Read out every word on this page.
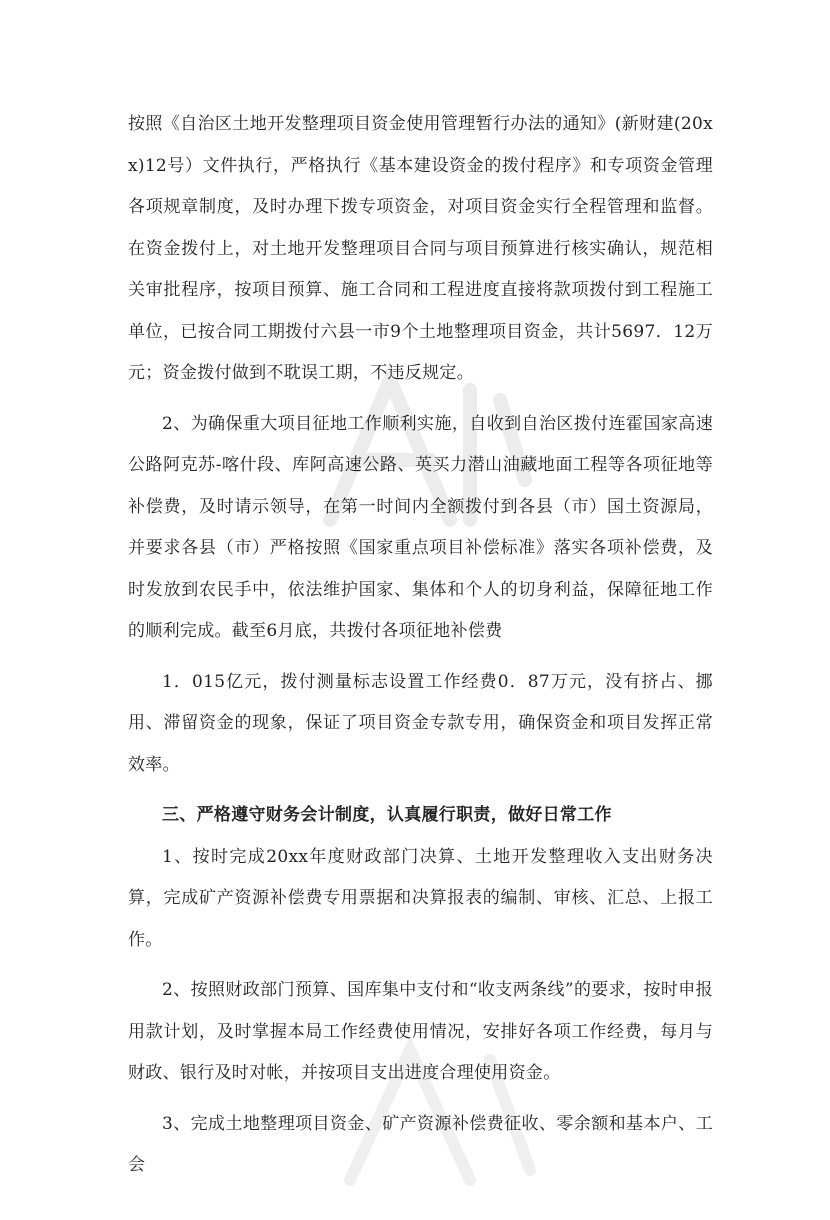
按照《自治区土地开发整理项目资金使用管理暂行办法的通知》(新财建(20xx)12号）文件执行，严格执行《基本建设资金的拨付程序》和专项资金管理各项规章制度，及时办理下拨专项资金，对项目资金实行全程管理和监督。在资金拨付上，对土地开发整理项目合同与项目预算进行核实确认，规范相关审批程序，按项目预算、施工合同和工程进度直接将款项拨付到工程施工单位，已按合同工期拨付六县一市9个土地整理项目资金，共计5697．12万元；资金拨付做到不耽误工期，不违反规定。

2、为确保重大项目征地工作顺利实施，自收到自治区拨付连霍国家高速公路阿克苏-喀什段、库阿高速公路、英买力潜山油藏地面工程等各项征地等补偿费，及时请示领导，在第一时间内全额拨付到各县（市）国土资源局，并要求各县（市）严格按照《国家重点项目补偿标准》落实各项补偿费，及时发放到农民手中，依法维护国家、集体和个人的切身利益，保障征地工作的顺利完成。截至6月底，共拨付各项征地补偿费

1．015亿元，拨付测量标志设置工作经费0．87万元，没有挤占、挪用、滞留资金的现象，保证了项目资金专款专用，确保资金和项目发挥正常效率。

三、严格遵守财务会计制度，认真履行职责，做好日常工作

1、按时完成20xx年度财政部门决算、土地开发整理收入支出财务决算，完成矿产资源补偿费专用票据和决算报表的编制、审核、汇总、上报工作。

2、按照财政部门预算、国库集中支付和“收支两条线”的要求，按时申报用款计划，及时掌握本局工作经费使用情况，安排好各项工作经费，每月与财政、银行及时对帐，并按项目支出进度合理使用资金。

3、完成土地整理项目资金、矿产资源补偿费征收、零余额和基本户、工会
